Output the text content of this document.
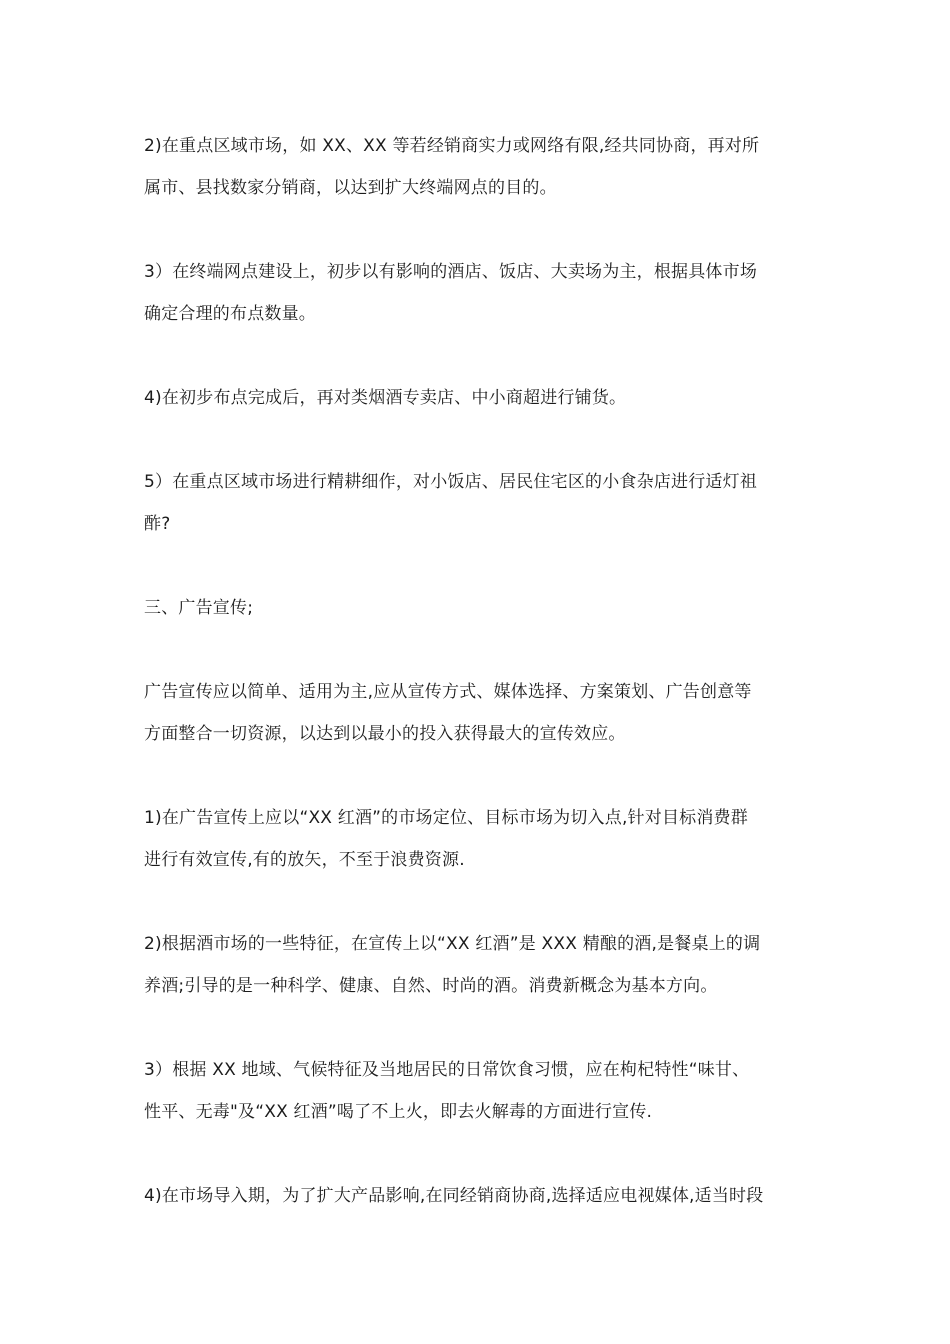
2)在重点区域市场，如 XX、XX 等若经销商实力或网络有限,经共同协商，再对所
属市、县找数家分销商，以达到扩大终端网点的目的。

3）在终端网点建设上，初步以有影响的酒店、饭店、大卖场为主，根据具体市场
确定合理的布点数量。

4)在初步布点完成后，再对类烟酒专卖店、中小商超进行铺货。

5）在重点区域市场进行精耕细作，对小饭店、居民住宅区的小食杂店进行适灯祖
酢?

三、广告宣传;

广告宣传应以简单、适用为主,应从宣传方式、媒体选择、方案策划、广告创意等
方面整合一切资源，以达到以最小的投入获得最大的宣传效应。

1)在广告宣传上应以“XX 红酒”的市场定位、目标市场为切入点,针对目标消费群
进行有效宣传,有的放矢，不至于浪费资源.

2)根据酒市场的一些特征，在宣传上以“XX 红酒”是 XXX 精酿的酒,是餐桌上的调
养酒;引导的是一种科学、健康、自然、时尚的酒。消费新概念为基本方向。

3）根据 XX 地域、气候特征及当地居民的日常饮食习惯，应在枸杞特性“味甘、
性平、无毒"及“XX 红酒”喝了不上火，即去火解毒的方面进行宣传.

4)在市场导入期，为了扩大产品影响,在同经销商协商,选择适应电视媒体,适当时段
